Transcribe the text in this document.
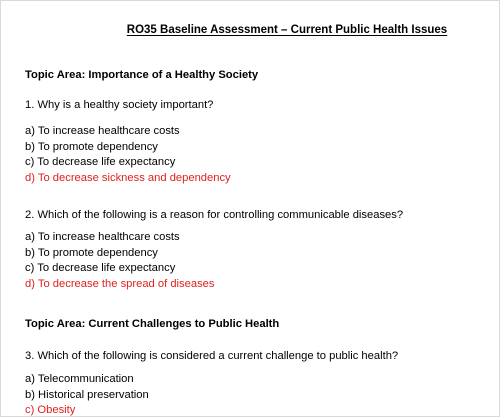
RO35 Baseline Assessment – Current Public Health Issues
Topic Area: Importance of a Healthy Society
1. Why is a healthy society important?
a) To increase healthcare costs
b) To promote dependency
c) To decrease life expectancy
d) To decrease sickness and dependency
2. Which of the following is a reason for controlling communicable diseases?
a) To increase healthcare costs
b) To promote dependency
c) To decrease life expectancy
d) To decrease the spread of diseases
Topic Area: Current Challenges to Public Health
3. Which of the following is considered a current challenge to public health?
a) Telecommunication
b) Historical preservation
c) Obesity
